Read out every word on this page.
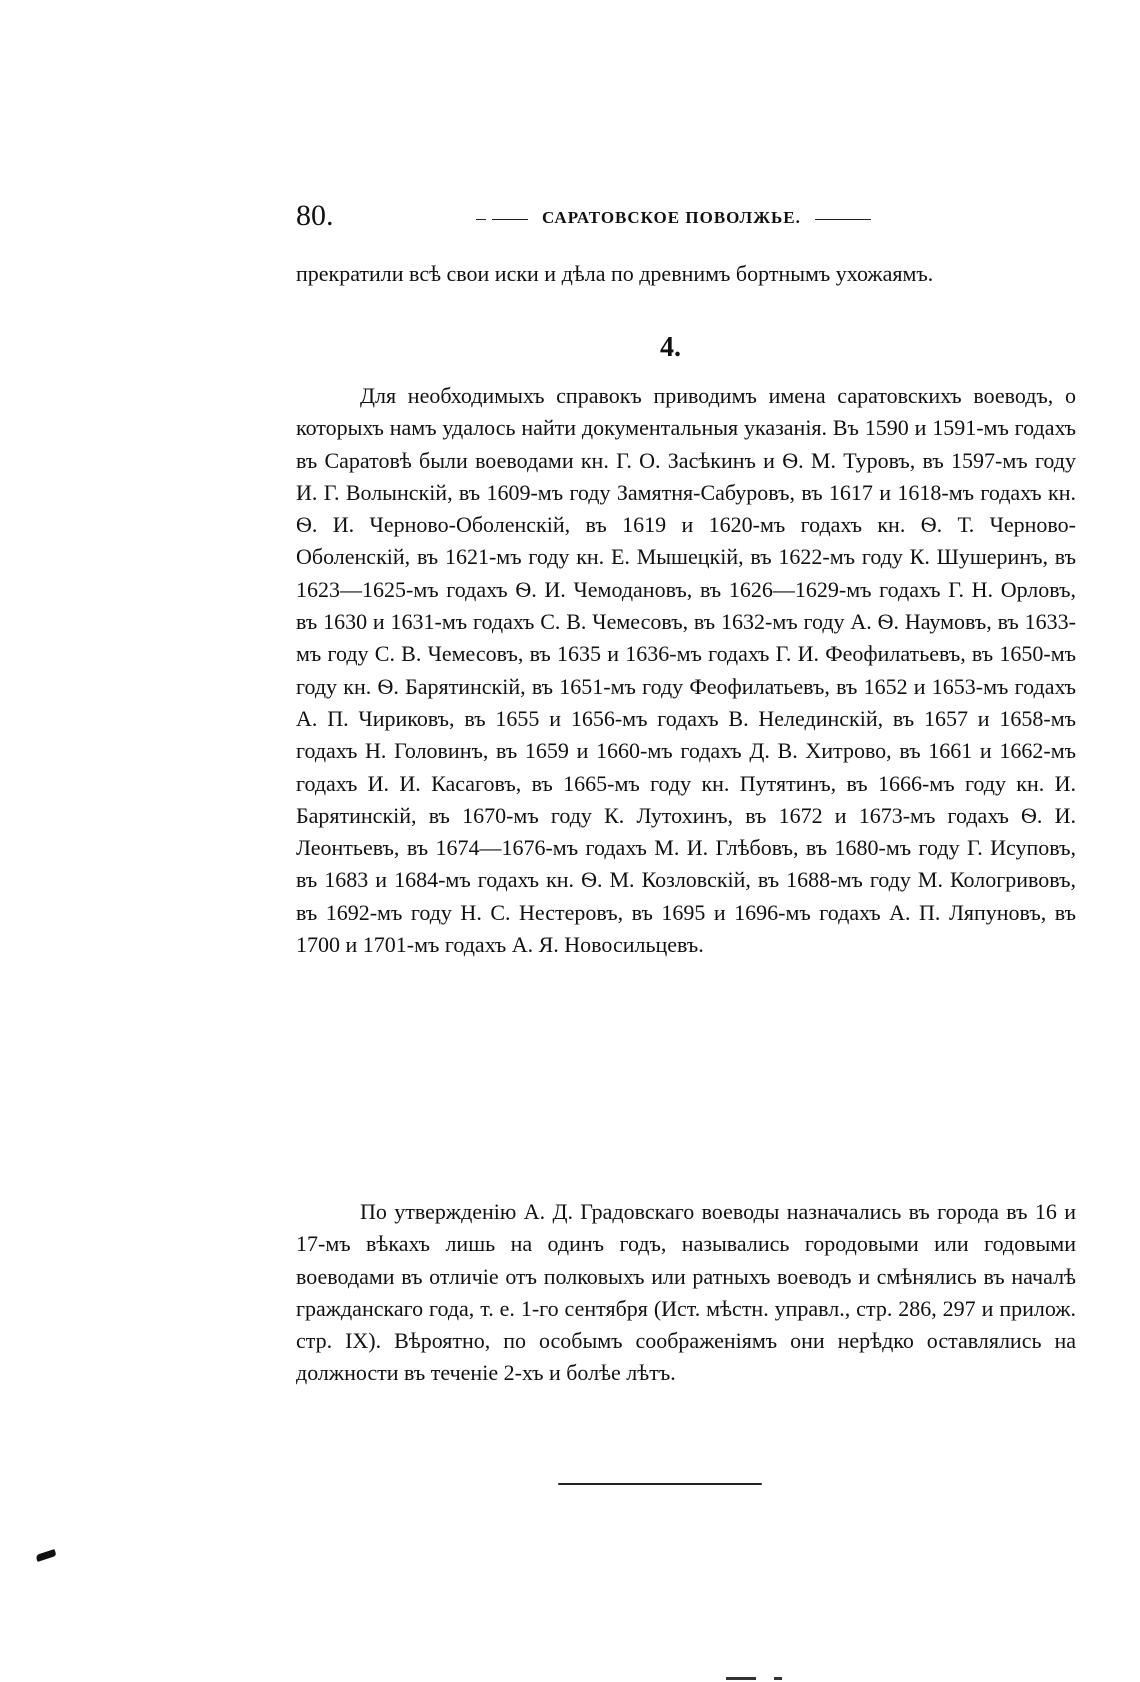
80.	САРАТОВСКОЕ ПОВОЛЖЬЕ.
прекратили всѣ свои иски и дѣла по древнимъ бортнымъ ухожаямъ.
4.
Для необходимыхъ справокъ приводимъ имена саратовскихъ воеводъ, о которыхъ намъ удалось найти документальныя указанія. Въ 1590 и 1591-мъ годахъ въ Саратовѣ были воеводами кн. Г. О. Засѣкинъ и Ѳ. М. Туровъ, въ 1597-мъ году И. Г. Волынскій, въ 1609-мъ году Замятня-Сабуровъ, въ 1617 и 1618-мъ годахъ кн. Ѳ. И. Черново-Оболенскій, въ 1619 и 1620-мъ годахъ кн. Ѳ. Т. Черново-Оболенскій, въ 1621-мъ году кн. Е. Мышецкій, въ 1622-мъ году К. Шушеринъ, въ 1623—1625-мъ годахъ Ѳ. И. Чемодановъ, въ 1626—1629-мъ годахъ Г. Н. Орловъ, въ 1630 и 1631-мъ годахъ С. В. Чемесовъ, въ 1632-мъ году А. Ѳ. Наумовъ, въ 1633-мъ году С. В. Чемесовъ, въ 1635 и 1636-мъ годахъ Г. И. Феофилатьевъ, въ 1650-мъ году кн. Ѳ. Барятинскій, въ 1651-мъ году Феофилатьевъ, въ 1652 и 1653-мъ годахъ А. П. Чириковъ, въ 1655 и 1656-мъ годахъ В. Нелединскій, въ 1657 и 1658-мъ годахъ Н. Головинъ, въ 1659 и 1660-мъ годахъ Д. В. Хитрово, въ 1661 и 1662-мъ годахъ И. И. Касаговъ, въ 1665-мъ году кн. Путятинъ, въ 1666-мъ году кн. И. Барятинскій, въ 1670-мъ году К. Лутохинъ, въ 1672 и 1673-мъ годахъ Ѳ. И. Леонтьевъ, въ 1674—1676-мъ годахъ М. И. Глѣбовъ, въ 1680-мъ году Г. Исуповъ, въ 1683 и 1684-мъ годахъ кн. Ѳ. М. Козловскій, въ 1688-мъ году М. Кологривовъ, въ 1692-мъ году Н. С. Нестеровъ, въ 1695 и 1696-мъ годахъ А. П. Ляпуновъ, въ 1700 и 1701-мъ годахъ А. Я. Новосильцевъ.
По утвержденію А. Д. Градовскаго воеводы назначались въ города въ 16 и 17-мъ вѣкахъ лишь на одинъ годъ, назывались городовыми или годовыми воеводами въ отличіе отъ полковыхъ или ратныхъ воеводъ и смѣнялись въ началѣ гражданскаго года, т. е. 1-го сентября (Ист. мѣстн. управл., стр. 286, 297 и прилож. стр. IX). Вѣроятно, по особымъ соображеніямъ они нерѣдко оставлялись на должности въ теченіе 2-хъ и болѣе лѣтъ.
